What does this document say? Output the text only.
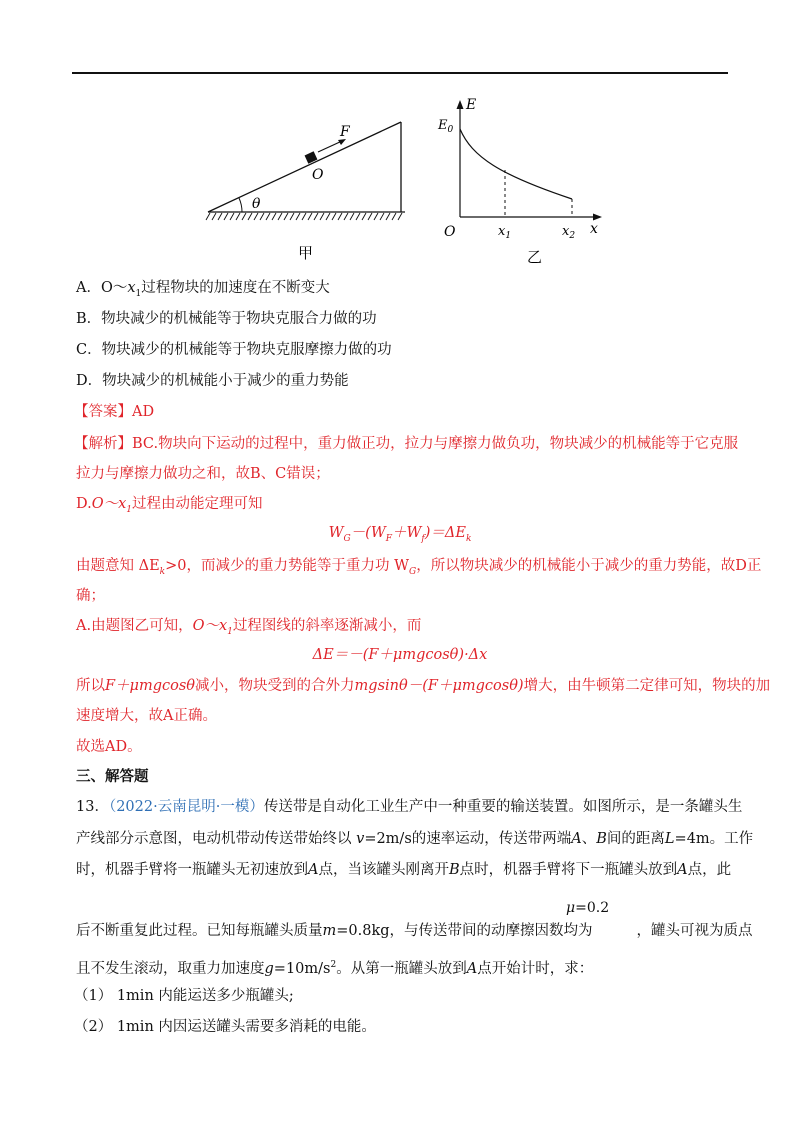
F
O
θ
甲
E
$E_0$
O	$x_1$	$x_2$ x
乙
A．$O\sim x_1$过程物块的加速度在不断变大
B．物块减少的机械能等于物块克服合力做的功
C．物块减少的机械能等于物块克服摩擦力做的功
D．物块减少的机械能小于减少的重力势能
【答案】AD
【解析】BC.物块向下运动的过程中，重力做正功，拉力与摩擦力做负功，物块减少的机械能等于它克服
拉力与摩擦力做功之和，故B、C错误；
$D.O\sim x_1$过程由动能定理可知
$W_G-(W_F+W_f)=\Delta E_k$
由题意知 $\Delta E_k>0$，而减少的重力势能等于重力功 $W_G$，所以物块减少的机械能小于减少的重力势能，故D正
确；
A.由题图乙可知，$O\sim x_1$过程图线的斜率逐渐减小，而
ΔE＝－(F＋μmgcosθ)·Δx
所以F＋μmgcosθ减小，物块受到的合外力mgsinθ－(F＋μmgcosθ)增大，由牛顿第二定律可知，物块的加
速度增大，故A正确。
故选AD。
三、解答题
13．（2022·云南昆明·一模）传送带是自动化工业生产中一种重要的输送装置。如图所示，是一条罐头生
产线部分示意图，电动机带动传送带始终以 v=2m/s的速率运动，传送带两端A、B间的距离L=4m。工作
时，机器手臂将一瓶罐头无初速放到A点，当该罐头刚离开B点时，机器手臂将下一瓶罐头放到A点，此
μ=0.2
后不断重复此过程。已知每瓶罐头质量m=0.8kg，与传送带间的动摩擦因数均为	，罐头可视为质点
且不发生滚动，取重力加速度$g=10m/s^2$。从第一瓶罐头放到A点开始计时，求：
（1） 1min 内能运送多少瓶罐头;
（2） 1min 内因运送罐头需要多消耗的电能。
